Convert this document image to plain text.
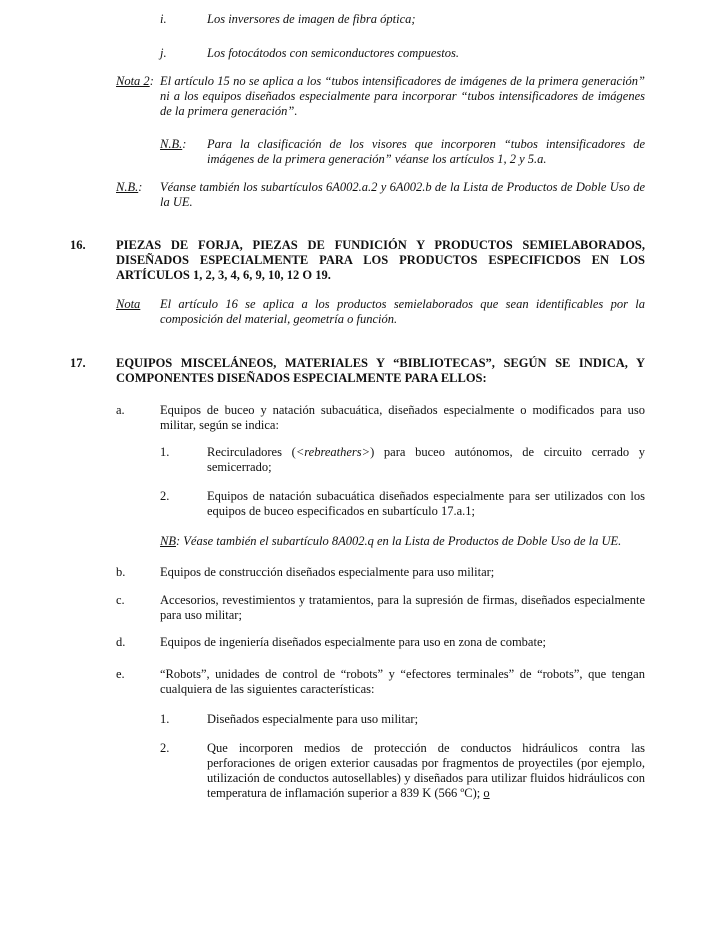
i.	Los inversores de imagen de fibra óptica;
j.	Los fotocátodos con semiconductores compuestos.
Nota 2: El artículo 15 no se aplica a los “tubos intensificadores de imágenes de la primera generación” ni a los equipos diseñados especialmente para incorporar “tubos intensificadores de imágenes de la primera generación”.
N.B.: Para la clasificación de los visores que incorporen “tubos intensificadores de imágenes de la primera generación” véanse los artículos 1, 2 y 5.a.
N.B.: Véanse también los subartículos 6A002.a.2 y 6A002.b de la Lista de Productos de Doble Uso de la UE.
16. PIEZAS DE FORJA, PIEZAS DE FUNDICIÓN Y PRODUCTOS SEMIELABORADOS, DISEÑADOS ESPECIALMENTE PARA LOS PRODUCTOS ESPECIFICDOS EN LOS ARTÍCULOS 1, 2, 3, 4, 6, 9, 10, 12 O 19.
Nota El artículo 16 se aplica a los productos semielaborados que sean identificables por la composición del material, geometría o función.
17. EQUIPOS MISCELÁNEOS, MATERIALES Y “BIBLIOTECAS”, SEGÚN SE INDICA, Y COMPONENTES DISEÑADOS ESPECIALMENTE PARA ELLOS:
a.	Equipos de buceo y natación subacuática, diseñados especialmente o modificados para uso militar, según se indica:
1.	Recirculadores (<rebreathers>) para buceo autónomos, de circuito cerrado y semicerrado;
2.	Equipos de natación subacuática diseñados especialmente para ser utilizados con los equipos de buceo especificados en subartículo 17.a.1;
NB: Véase también el subartículo 8A002.q en la Lista de Productos de Doble Uso de la UE.
b.	Equipos de construcción diseñados especialmente para uso militar;
c.	Accesorios, revestimientos y tratamientos, para la supresión de firmas, diseñados especialmente para uso militar;
d.	Equipos de ingeniería diseñados especialmente para uso en zona de combate;
e.	“Robots”, unidades de control de “robots” y “efectores terminales” de “robots”, que tengan cualquiera de las siguientes características:
1.	Diseñados especialmente para uso militar;
2.	Que incorporen medios de protección de conductos hidráulicos contra las perforaciones de origen exterior causadas por fragmentos de proyectiles (por ejemplo, utilización de conductos autosellables) y diseñados para utilizar fluidos hidráulicos con temperatura de inflamación superior a 839 K (566 ºC); o
